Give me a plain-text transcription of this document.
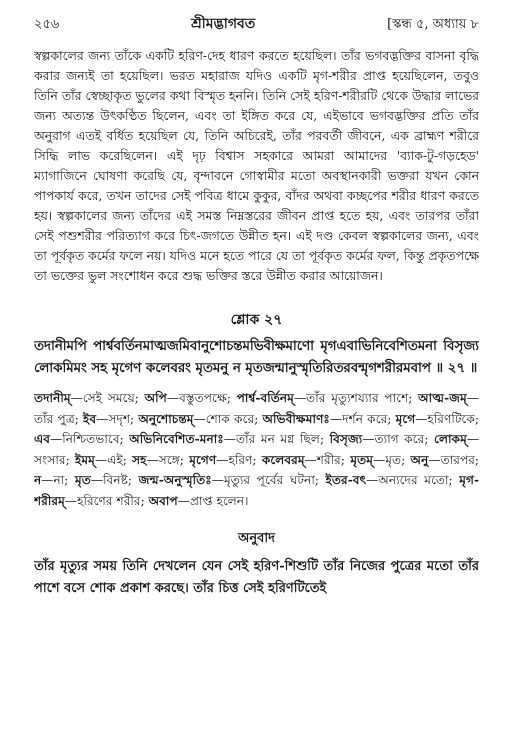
২৫৬	শ্রীমদ্ভাগবত	[স্কন্ধ ৫, অধ্যায় ৮

স্বল্পকালের জন্য তাঁকে একটি হরিণ-দেহ ধারণ করতে হয়েছিল। তাঁর ভগবদ্ভক্তির বাসনা বৃদ্ধি করার জন্যই তা হয়েছিল। ভরত মহারাজ যদিও একটি মৃগ-শরীর প্রাপ্ত হয়েছিলেন, তবুও তিনি তাঁর স্বেচ্ছাকৃত ভুলের কথা বিস্মৃত হননি। তিনি সেই হরিণ-শরীরটি থেকে উদ্ধার লাভের জন্য অত্যন্ত উৎকণ্ঠিত ছিলেন, এবং তা ইঙ্গিত করে যে, এইভাবে ভগবদ্ভক্তির প্রতি তাঁর অনুরাগ এতই বর্ধিত হয়েছিল যে, তিনি অচিরেই, তাঁর পরবর্তী জীবনে, এক ব্রাহ্মণ শরীরে সিদ্ধি লাভ করেছিলেন। এই দৃঢ় বিশ্বাস সহকারে আমরা আমাদের 'ব্যাক-টু-গড়হেড' ম্যাগাজিনে ঘোষণা করেছি যে, বৃন্দাবনে গোস্বামীর মতো অবস্থানকারী ভক্তরা যখন কোন পাপকার্য করে, তখন তাদের সেই পবিত্র ধামে কুকুর, বাঁদর অথবা কচ্ছপের শরীর ধারণ করতে হয়। স্বল্পকালের জন্য তাঁদের এই সমস্ত নিম্নস্তরের জীবন প্রাপ্ত হতে হয়, এবং তারপর তাঁরা সেই পশুশরীর পরিত্যাগ করে চিৎ-জগতে উন্নীত হন। এই দণ্ড কেবল স্বল্পকালের জন্য, এবং তা পূর্বকৃত কর্মের ফলে নয়। যদিও মনে হতে পারে যে তা পূর্বকৃত কর্মের ফল, কিন্তু প্রকৃতপক্ষে তা ভক্তের ভুল সংশোধন করে শুদ্ধ ভক্তির স্তরে উন্নীত করার আয়োজন।

শ্লোক ২৭
তদানীমপি পার্শ্ববর্তিনমাত্মজমিবানুশোচন্তমভিবীক্ষমাণো মৃগএবাভিনিবেশিতমনা বিসৃজ্য লোকমিমং সহ মৃগেণ কলেবরং মৃতমনু ন মৃতজন্মানুস্মৃতিরিতরবন্মৃগশরীরমবাপ ॥ ২৭ ॥
তদানীম্—সেই সময়ে; অপি—বস্তুতপক্ষে; পার্শ্ব-বর্তিনম্—তাঁর মৃত্যুশয্যার পাশে; আত্ম-জম্—তাঁর পুত্র; ইব—সদৃশ; অনুশোচন্তম্—শোক করে; অভিবীক্ষমাণঃ—দর্শন করে; মৃগে—হরিণটিকে; এব—নিশ্চিতভাবে; অভিনিবেশিত-মনাঃ—তাঁর মন মগ্ন ছিল; বিসৃজ্য—ত্যাগ করে; লোকম্—সংসার; ইমম্—এই; সহ—সঙ্গে; মৃগেণ—হরিণ; কলেবরম্—শরীর; মৃতম্—মৃত; অনু—তারপর; ন—না; মৃত—বিনষ্ট; জন্ম-অনুস্মৃতিঃ—মৃত্যুর পূর্বের ঘটনা; ইতর-বৎ—অন্যদের মতো; মৃগ-শরীরম্—হরিণের শরীর; অবাপ—প্রাপ্ত হলেন।
অনুবাদ
তাঁর মৃত্যুর সময় তিনি দেখলেন যেন সেই হরিণ-শিশুটি তাঁর নিজের পুত্রের মতো তাঁর পাশে বসে শোক প্রকাশ করছে। তাঁর চিত্ত সেই হরিণটিতেই
